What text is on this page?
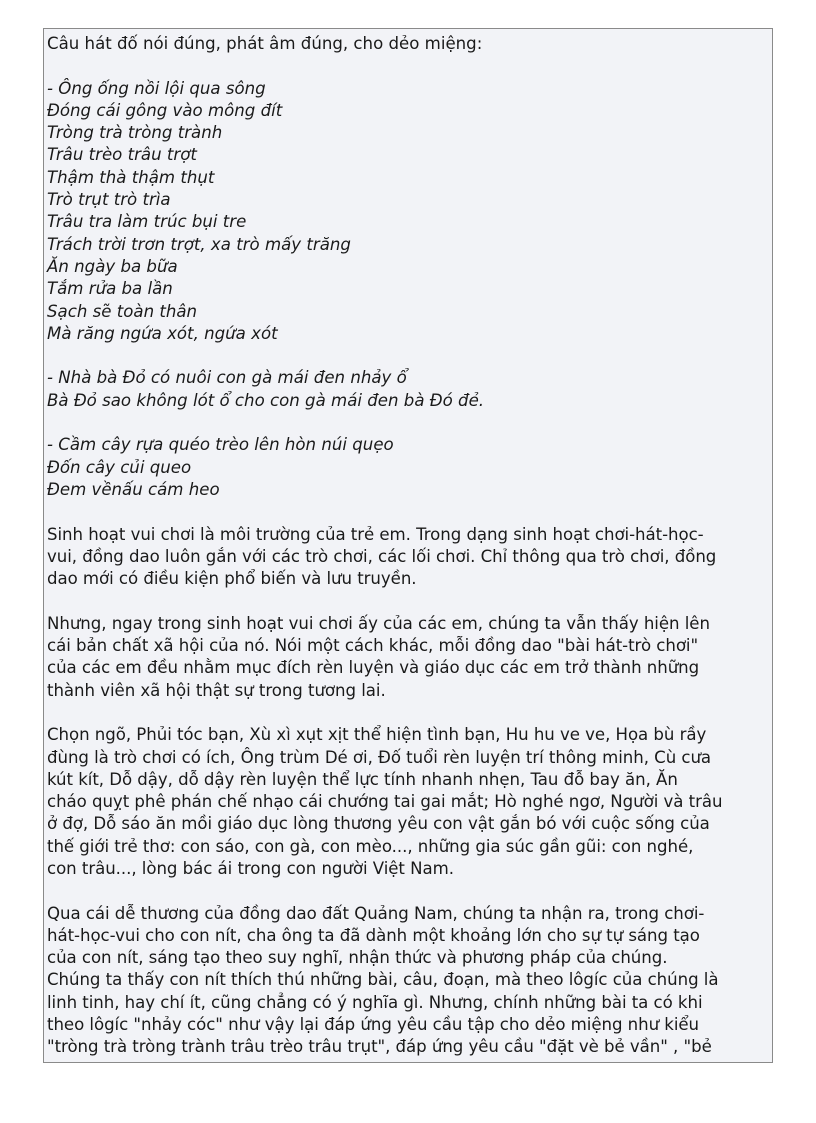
Câu hát đố nói đúng, phát âm đúng, cho dẻo miệng:
- Ông ống nồi lội qua sông
Đóng cái gông vào mông đít
Tròng trà tròng trành
Trâu trèo trâu trợt
Thậm thà thậm thụt
Trò trụt trò trìa
Trâu tra làm trúc bụi tre
Trách trời trơn trợt, xa trò mấy trăng
Ăn ngày ba bữa
Tắm rửa ba lần
Sạch sẽ toàn thân
Mà răng ngứa xót, ngứa xót
- Nhà bà Đỏ có nuôi con gà mái đen nhảy ổ
Bà Đỏ sao không lót ổ cho con gà mái đen bà Đó đẻ.
- Cầm cây rựa quéo trèo lên hòn núi quẹo
Đốn cây củi queo
Đem vềnấu cám heo
Sinh hoạt vui chơi là môi trường của trẻ em. Trong dạng sinh hoạt chơi-hát-học-
vui, đồng dao luôn gắn với các trò chơi, các lối chơi. Chỉ thông qua trò chơi, đồng
dao mới có điều kiện phổ biến và lưu truyền.
Nhưng, ngay trong sinh hoạt vui chơi ấy của các em, chúng ta vẫn thấy hiện lên
cái bản chất xã hội của nó. Nói một cách khác, mỗi đồng dao "bài hát-trò chơi"
của các em đều nhằm mục đích rèn luyện và giáo dục các em trở thành những
thành viên xã hội thật sự trong tương lai.
Chọn ngõ, Phủi tóc bạn, Xù xì xụt xịt thể hiện tình bạn, Hu hu ve ve, Họa bù rầy
đùng là trò chơi có ích, Ông trùm Dé ơi, Đố tuổi rèn luyện trí thông minh, Cù cưa
kút kít, Dỗ dậy, dỗ dậy rèn luyện thể lực tính nhanh nhẹn, Tau đỗ bay ăn, Ăn
cháo quỵt phê phán chế nhạo cái chướng tai gai mắt; Hò nghé ngơ, Người và trâu
ở đợ, Dỗ sáo ăn mồi giáo dục lòng thương yêu con vật gắn bó với cuộc sống của
thế giới trẻ thơ: con sáo, con gà, con mèo..., những gia súc gần gũi: con nghé,
con trâu..., lòng bác ái trong con người Việt Nam.
Qua cái dễ thương của đồng dao đất Quảng Nam, chúng ta nhận ra, trong chơi-
hát-học-vui cho con nít, cha ông ta đã dành một khoảng lớn cho sự tự sáng tạo
của con nít, sáng tạo theo suy nghĩ, nhận thức và phương pháp của chúng.
Chúng ta thấy con nít thích thú những bài, câu, đoạn, mà theo lôgíc của chúng là
linh tinh, hay chí ít, cũng chẳng có ý nghĩa gì. Nhưng, chính những bài ta có khi
theo lôgíc "nhảy cóc" như vậy lại đáp ứng yêu cầu tập cho dẻo miệng như kiểu
"tròng trà tròng trành trâu trèo trâu trụt", đáp ứng yêu cầu "đặt vè bẻ vần" , "bẻ
